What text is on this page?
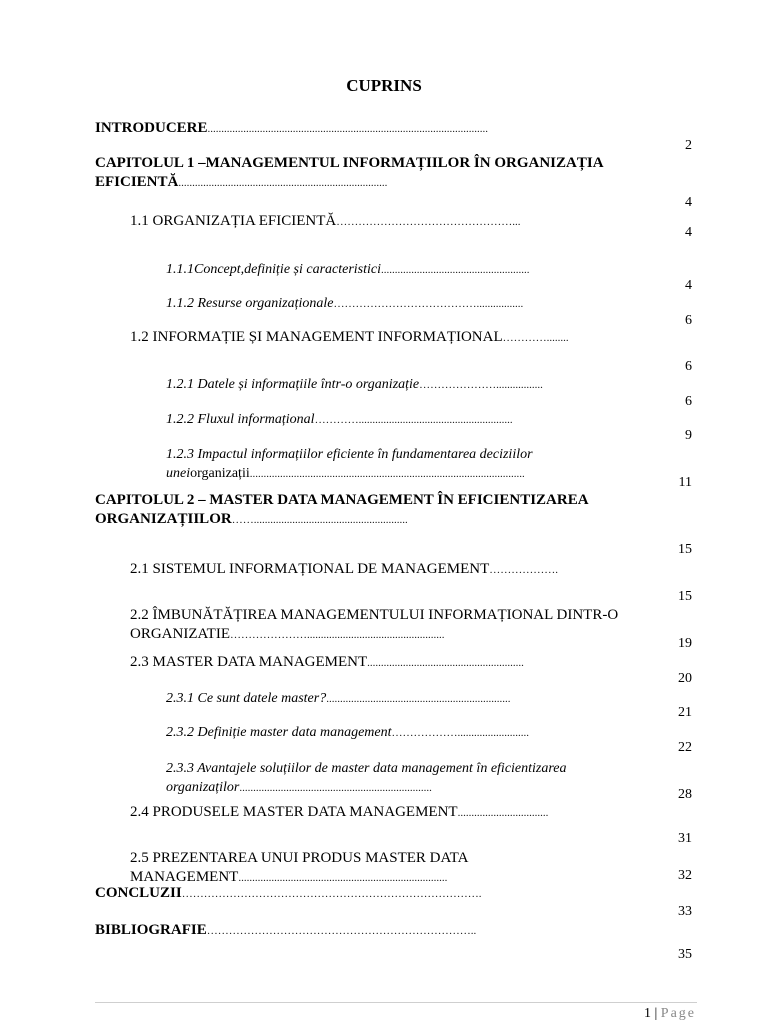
CUPRINS
INTRODUCERE......................................................................................................
CAPITOLUL 1 –MANAGEMENTUL INFORMAȚIILOR ÎN ORGANIZAȚIA
EFICIENTĂ............................................................................
1.1 ORGANIZAȚIA EFICIENTĂ…………………………………………...
1.1.1Concept,definiție și caracteristici......................................................
1.1.2 Resurse organizaționale………………………………….................
1.2 INFORMAȚIE ȘI MANAGEMENT INFORMAȚIONAL…………........
1.2.1 Datele și informațiile într-o organizație………………….................
1.2.2 Fluxul informațional…………........................................................
1.2.3 Impactul informațiilor eficiente în fundamentarea deciziilor
uneiorganizații....................................................................................................
CAPITOLUL 2 – MASTER DATA MANAGEMENT ÎN EFICIENTIZAREA
ORGANIZAȚIILOR……........................................................
2.1 SISTEMUL INFORMAȚIONAL DE MANAGEMENT……………….
2.2 ÎMBUNĂTĂȚIREA MANAGEMENTULUI INFORMAȚIONAL DINTR-O
ORGANIZATIE…………………..................................................
2.3 MASTER DATA MANAGEMENT.........................................................
2.3.1 Ce sunt datele master?...................................................................
2.3.2 Definiție master data management………………..........................
2.3.3 Avantajele soluțiilor de master data management în eficientizarea
organizaților......................................................................
2.4 PRODUSELE MASTER DATA MANAGEMENT.................................
2.5 PREZENTAREA UNUI PRODUS MASTER DATA
MANAGEMENT............................................................................
CONCLUZII……………………………………………………………………….
BIBLIOGRAFIE………………………………………………………………..
2
4
4
4
6
6
6
9
11
15
15
19
20
21
22
28
31
32
33
35
1 | Page
